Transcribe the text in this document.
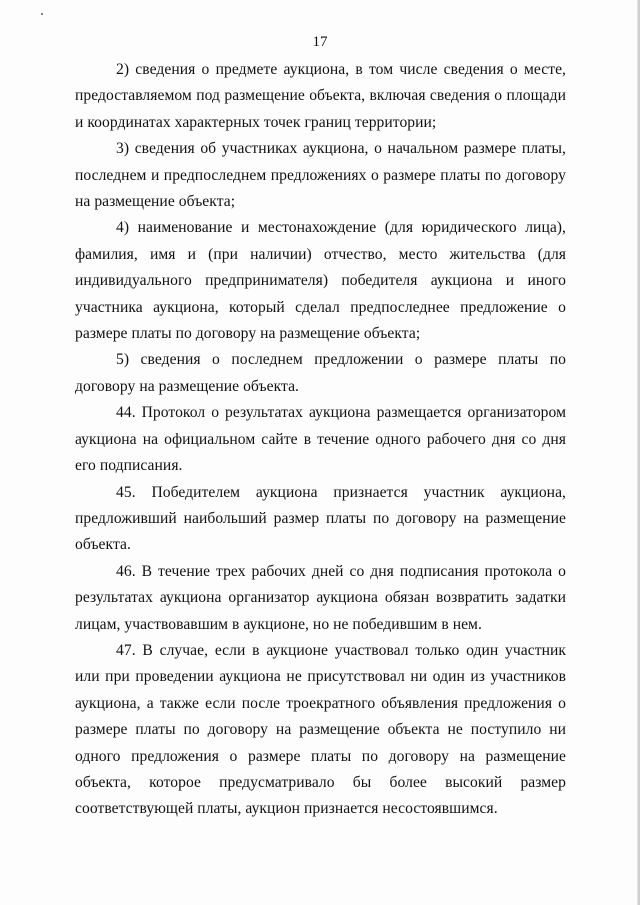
17

2) сведения о предмете аукциона, в том числе сведения о месте, предоставляемом под размещение объекта, включая сведения о площади и координатах характерных точек границ территории;

3) сведения об участниках аукциона, о начальном размере платы, последнем и предпоследнем предложениях о размере платы по договору на размещение объекта;

4) наименование и местонахождение (для юридического лица), фамилия, имя и (при наличии) отчество, место жительства (для индивидуального предпринимателя) победителя аукциона и иного участника аукциона, который сделал предпоследнее предложение о размере платы по договору на размещение объекта;

5) сведения о последнем предложении о размере платы по договору на размещение объекта.

44. Протокол о результатах аукциона размещается организатором аукциона на официальном сайте в течение одного рабочего дня со дня его подписания.

45. Победителем аукциона признается участник аукциона, предложивший наибольший размер платы по договору на размещение объекта.

46. В течение трех рабочих дней со дня подписания протокола о результатах аукциона организатор аукциона обязан возвратить задатки лицам, участвовавшим в аукционе, но не победившим в нем.

47. В случае, если в аукционе участвовал только один участник или при проведении аукциона не присутствовал ни один из участников аукциона, а также если после троекратного объявления предложения о размере платы по договору на размещение объекта не поступило ни одного предложения о размере платы по договору на размещение объекта, которое предусматривало бы более высокий размер соответствующей платы, аукцион признается несостоявшимся.
